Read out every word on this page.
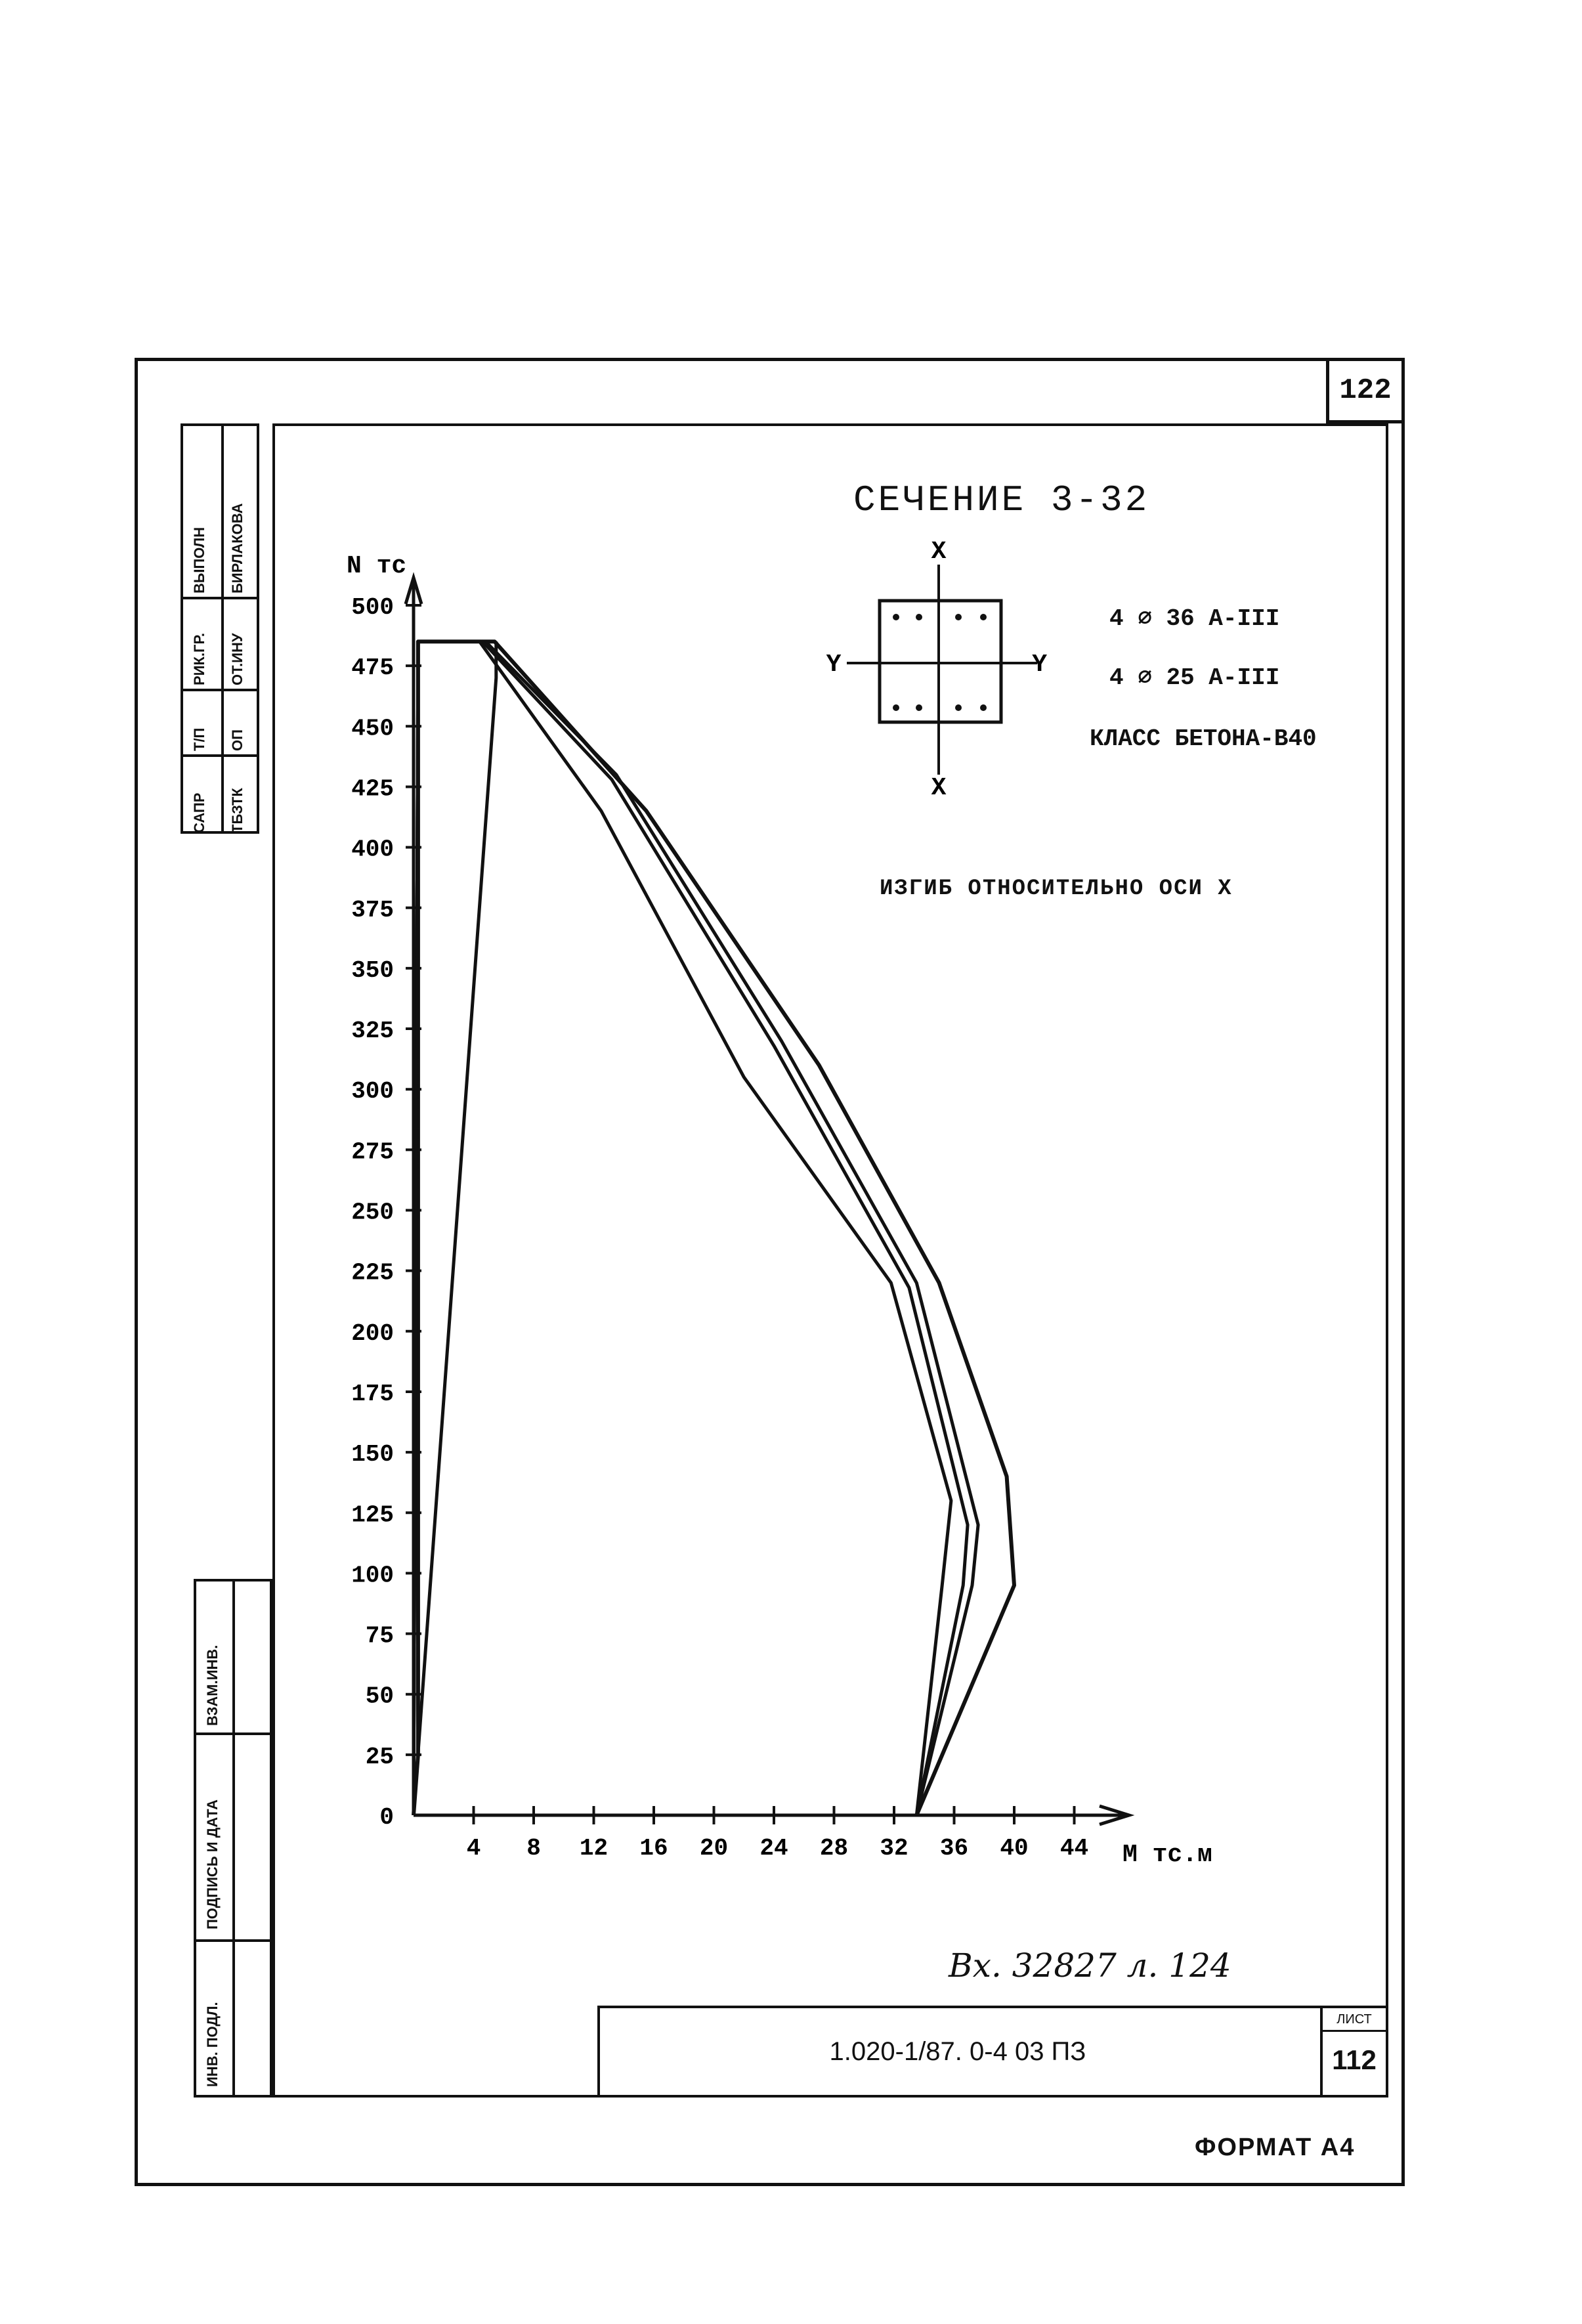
122
САПР
Т/П
РИК.ГР.
ВЫПОЛН
ТБЗТК
ОП
ОТ.ИНУ
БИРЛАКОВА
ВЗАМ.ИНВ.
ПОДПИСЬ И ДАТА
ИНВ. ПОДЛ.
СЕЧЕНИЕ 3-32
X
X
Y	Y
4 ⌀ 36 А-III
4 ⌀ 25 А-III
КЛАСС БЕТОНА-В40
ИЗГИБ ОТНОСИТЕЛЬНО ОСИ Х
0
25
50
75
100
125
150
175
200
225
250
275
300
325
350
375
400
425
450
475
500
4 8 12 16 20 24 28 32 36 40 44
N тс
M тс.м
Вх. 32827 л. 124
1.020-1/87. 0-4 03 ПЗ
ЛИСТ
112
ФОРМАТ А4
